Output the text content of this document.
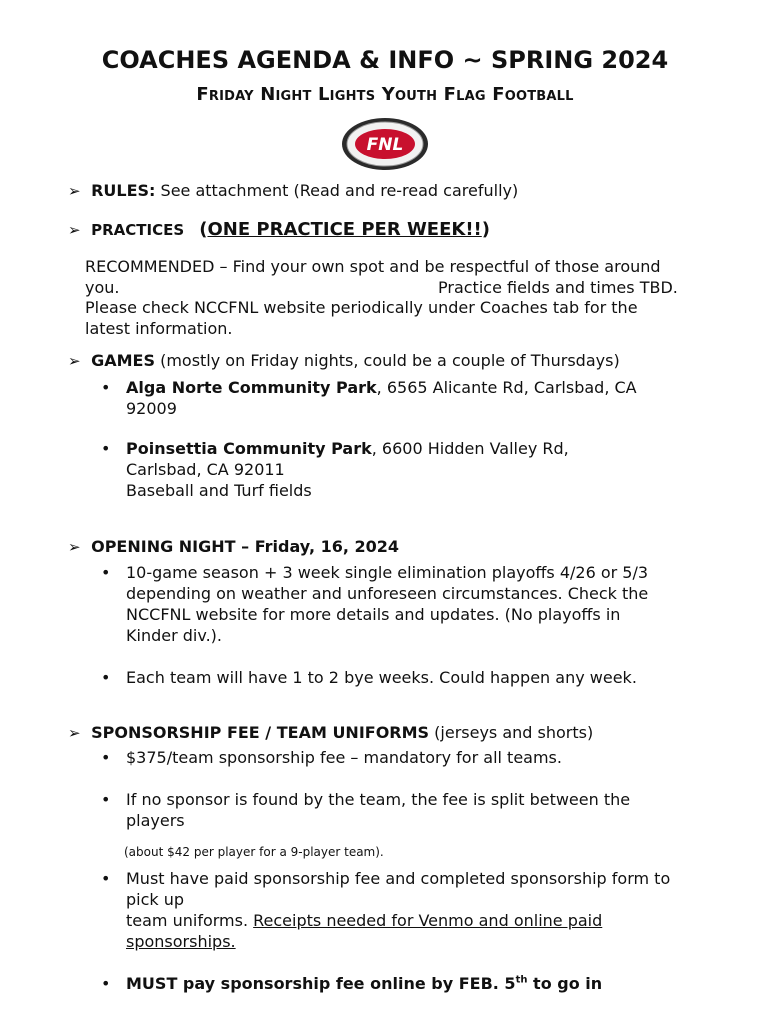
COACHES AGENDA & INFO ~ SPRING 2024
Friday Night Lights Youth Flag Football
FNL
➢ RULES: See attachment (Read and re-read carefully)
➢ PRACTICES (ONE PRACTICE PER WEEK!!)
RECOMMENDED – Find your own spot and be respectful of those around
you.	Practice fields and times TBD.
Please check NCCFNL website periodically under Coaches tab for the
latest information.
➢ GAMES (mostly on Friday nights, could be a couple of Thursdays)
• Alga Norte Community Park, 6565 Alicante Rd, Carlsbad, CA
92009
• Poinsettia Community Park, 6600 Hidden Valley Rd,
Carlsbad, CA 92011
Baseball and Turf fields
➢ OPENING NIGHT – Friday, 16, 2024
• 10-game season + 3 week single elimination playoffs 4/26 or 5/3
depending on weather and unforeseen circumstances. Check the
NCCFNL website for more details and updates. (No playoffs in
Kinder div.).
• Each team will have 1 to 2 bye weeks. Could happen any week.
➢ SPONSORSHIP FEE / TEAM UNIFORMS (jerseys and shorts)
• $375/team sponsorship fee – mandatory for all teams.
• If no sponsor is found by the team, the fee is split between the
players
(about $42 per player for a 9-player team).
• Must have paid sponsorship fee and completed sponsorship form to
pick up
team uniforms. Receipts needed for Venmo and online paid
sponsorships.
• MUST pay sponsorship fee online by FEB. 5th to go in
